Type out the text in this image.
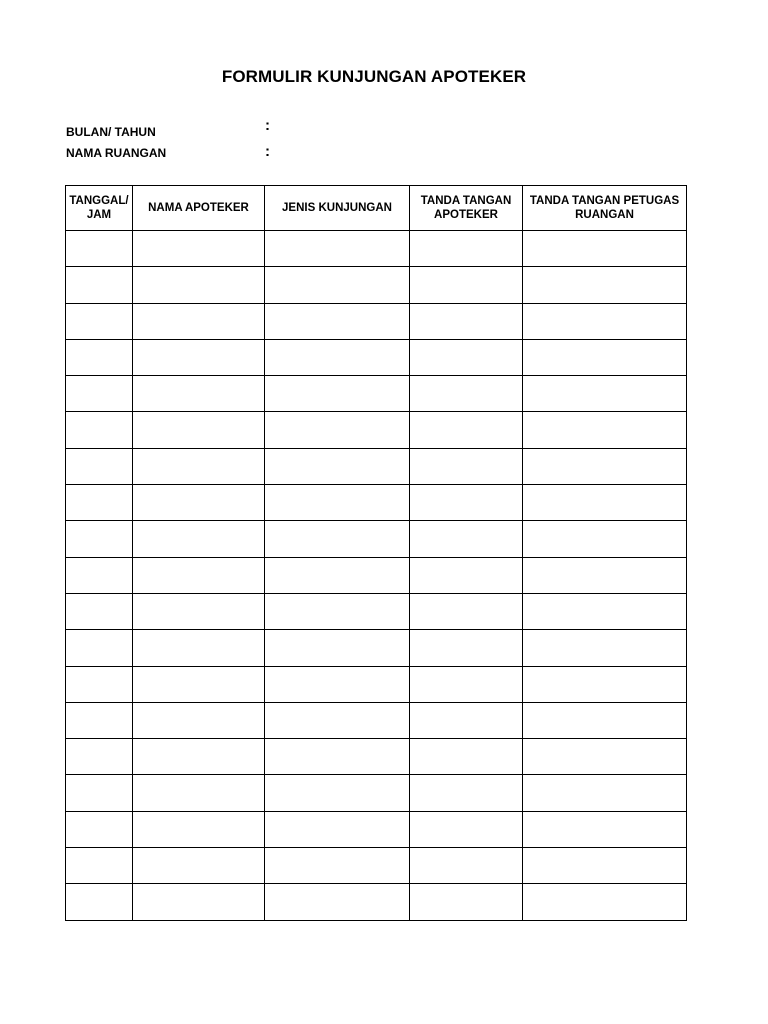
FORMULIR KUNJUNGAN APOTEKER
BULAN/ TAHUN	:
NAMA RUANGAN	:
TANGGAL/ JAM	NAMA APOTEKER	JENIS KUNJUNGAN	TANDA TANGAN APOTEKER	TANDA TANGAN PETUGAS RUANGAN
